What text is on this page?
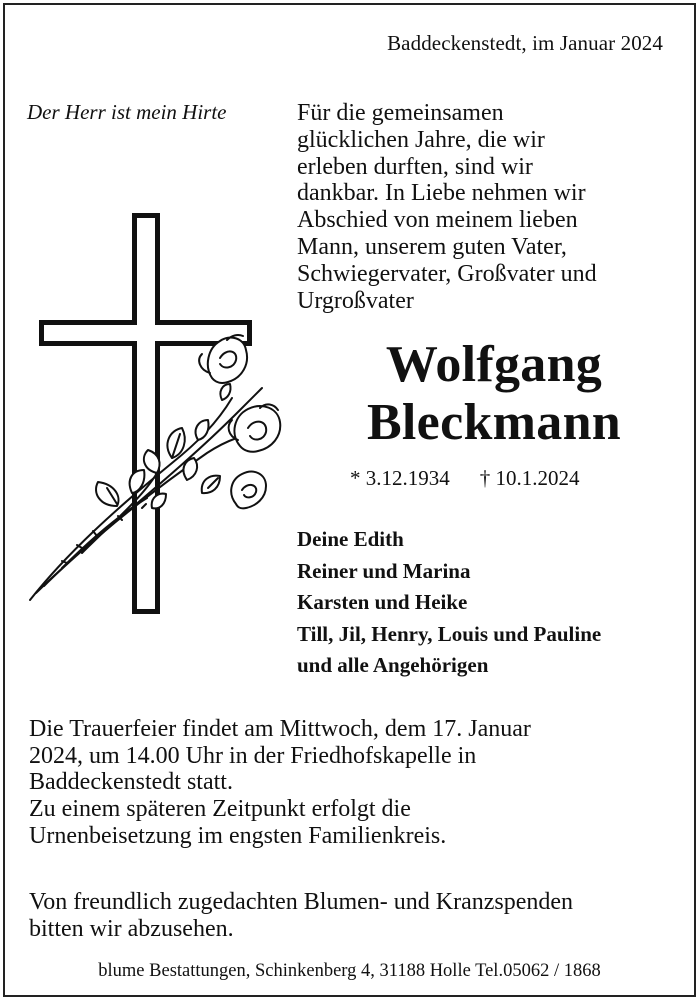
Baddeckenstedt, im Januar 2024
Der Herr ist mein Hirte	Für die gemeinsamen
glücklichen Jahre, die wir
erleben durften, sind wir
dankbar. In Liebe nehmen wir
Abschied von meinem lieben
Mann, unserem guten Vater,
Schwiegervater, Großvater und
Urgroßvater
Wolfgang
Bleckmann
* 3.12.1934 † 10.1.2024
Deine Edith
Reiner und Marina
Karsten und Heike
Till, Jil, Henry, Louis und Pauline
und alle Angehörigen
Die Trauerfeier findet am Mittwoch, dem 17. Januar
2024, um 14.00 Uhr in der Friedhofskapelle in
Baddeckenstedt statt.
Zu einem späteren Zeitpunkt erfolgt die
Urnenbeisetzung im engsten Familienkreis.
Von freundlich zugedachten Blumen- und Kranzspenden
bitten wir abzusehen.
blume Bestattungen, Schinkenberg 4, 31188 Holle Tel.05062 / 1868
